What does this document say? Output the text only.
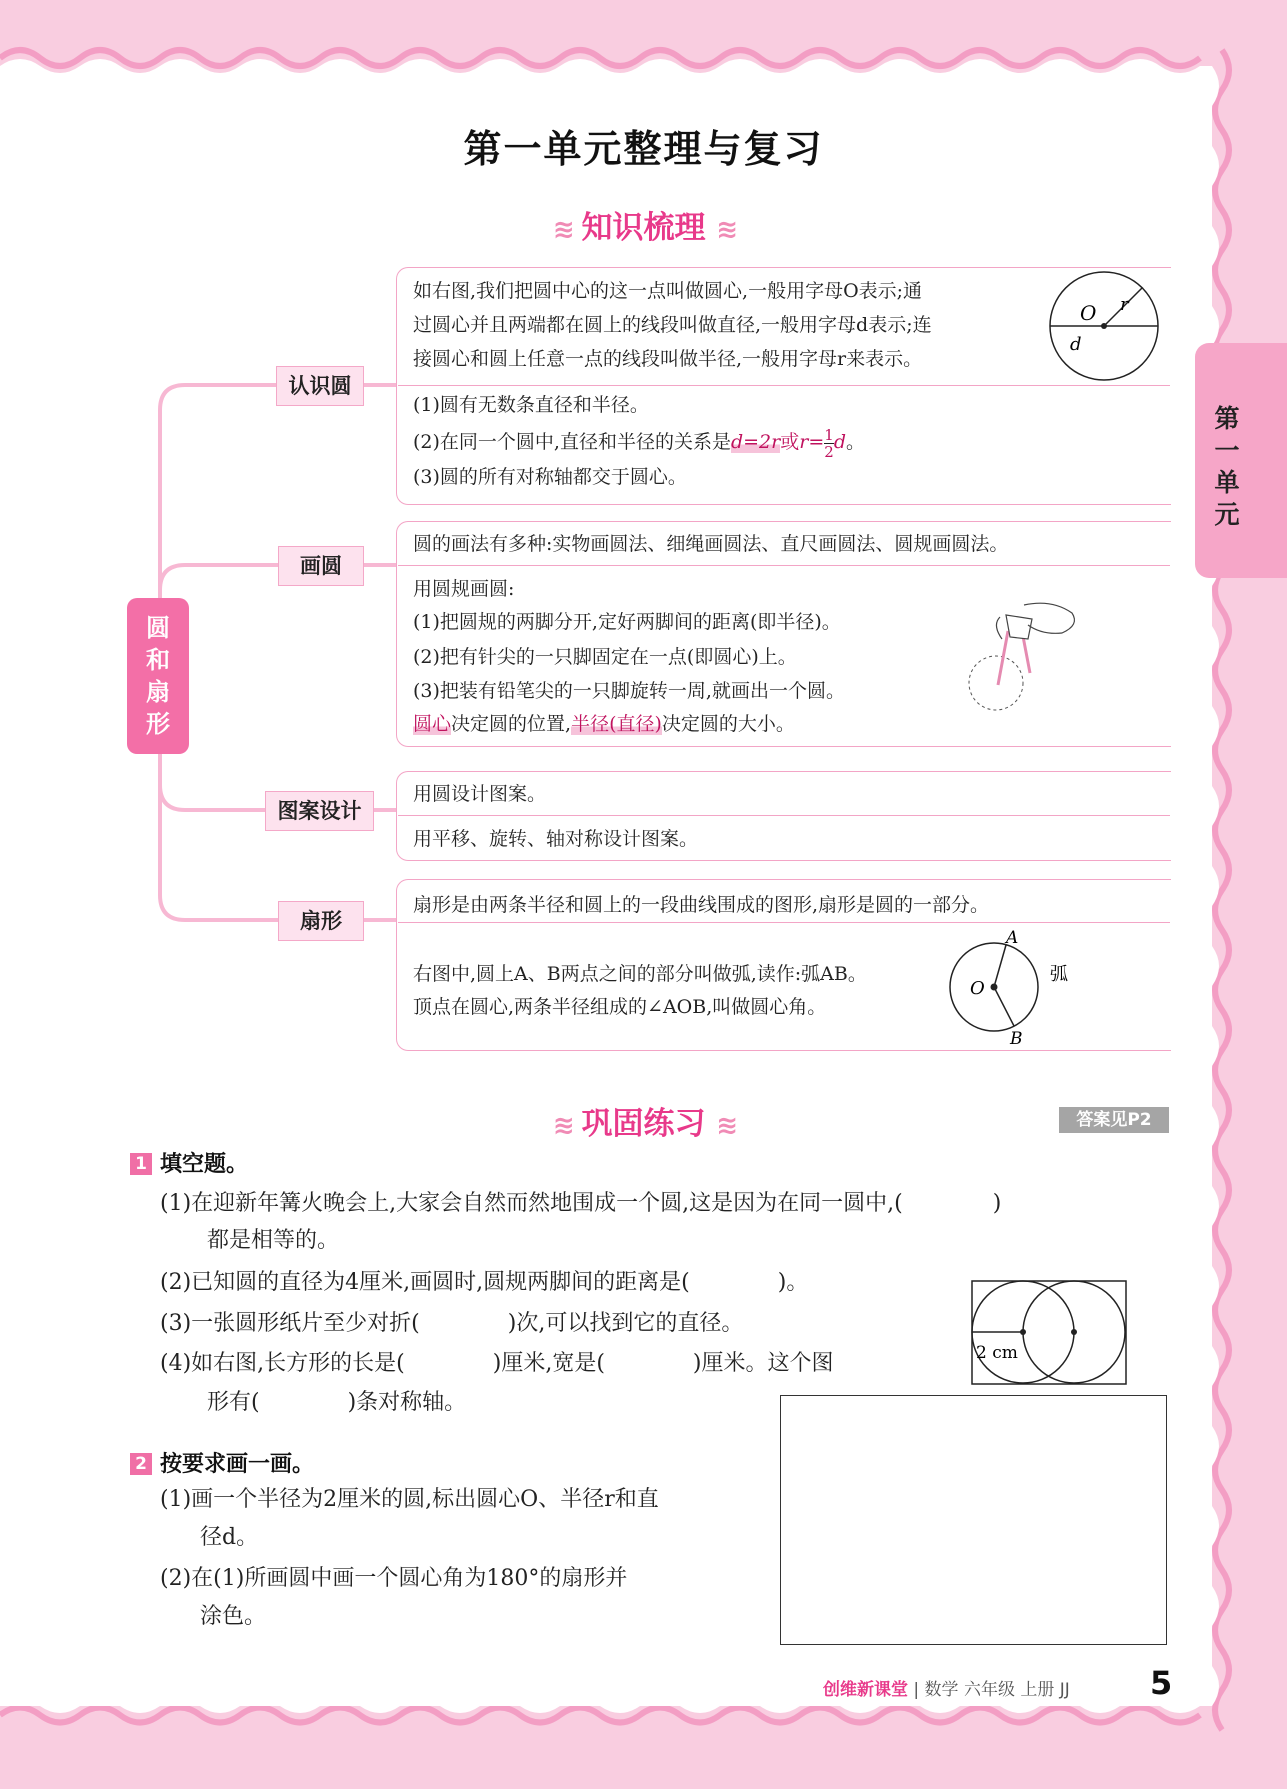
第一单元
第一单元整理与复习
≋ 知识梳理 ≋
圆和扇形
认识圆
画圆
图案设计
扇形
如右图,我们把圆中心的这一点叫做圆心,一般用字母O表示;通
过圆心并且两端都在圆上的线段叫做直径,一般用字母d表示;连
接圆心和圆上任意一点的线段叫做半径,一般用字母r来表示。
O r
d
(1)圆有无数条直径和半径。
(2)在同一个圆中,直径和半径的关系是d=2r或$r= \frac{1}{2}$ d。
(3)圆的所有对称轴都交于圆心。
圆的画法有多种:实物画圆法、细绳画圆法、直尺画圆法、圆规画圆法。
用圆规画圆:
(1)把圆规的两脚分开,定好两脚间的距离(即半径)。
(2)把有针尖的一只脚固定在一点(即圆心)上。
(3)把装有铅笔尖的一只脚旋转一周,就画出一个圆。
圆心决定圆的位置,半径(直径)决定圆的大小。
用圆设计图案。
用平移、旋转、轴对称设计图案。
扇形是由两条半径和圆上的一段曲线围成的图形,扇形是圆的一部分。
右图中,圆上A、B两点之间的部分叫做弧,读作:弧AB。
顶点在圆心,两条半径组成的∠AOB,叫做圆心角。
A
B
O
弧
≋ 巩固练习 ≋	答案见P2
1 填空题。
(1)在迎新年篝火晚会上,大家会自然而然地围成一个圆,这是因为在同一圆中,(	)
都是相等的。
(2)已知圆的直径为4厘米,画圆时,圆规两脚间的距离是(　　　　)。
(3)一张圆形纸片至少对折(　　　　)次,可以找到它的直径。
(4)如右图,长方形的长是(　　　　)厘米,宽是(　　　　)厘米。这个图
形有(　　　　)条对称轴。
2 cm
2 按要求画一画。
(1)画一个半径为2厘米的圆,标出圆心O、半径r和直
径d。
(2)在(1)所画圆中画一个圆心角为180°的扇形并
涂色。
创维新课堂 | 数学 六年级 上册 JJ	5
